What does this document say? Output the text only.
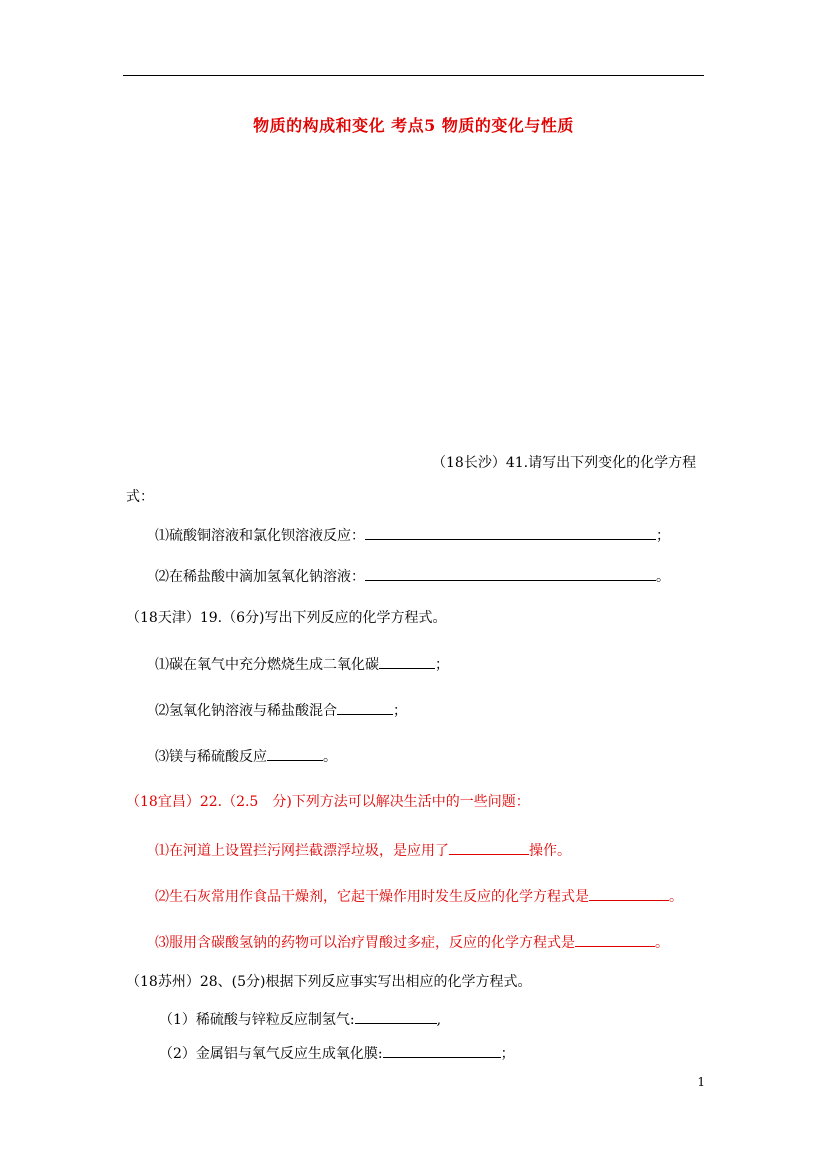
物质的构成和变化 考点5 物质的变化与性质
（18长沙）41.请写出下列变化的化学方程
式：
⑴硫酸铜溶液和氯化钡溶液反应：	；
⑵在稀盐酸中滴加氢氧化钠溶液：	。
（18天津）19.（6分)写出下列反应的化学方程式。
⑴碳在氧气中充分燃烧生成二氧化碳	；
⑵氢氧化钠溶液与稀盐酸混合	；
⑶镁与稀硫酸反应	。
（18宜昌）22.（2.5　分)下列方法可以解决生活中的一些问题：
⑴在河道上设置拦污网拦截漂浮垃圾，是应用了	操作。
⑵生石灰常用作食品干燥剂，它起干燥作用时发生反应的化学方程式是	。
⑶服用含碳酸氢钠的药物可以治疗胃酸过多症，反应的化学方程式是	。
（18苏州）28、(5分)根据下列反应事实写出相应的化学方程式。
（1）稀硫酸与锌粒反应制氢气:	,
（2）金属铝与氧气反应生成氧化膜:	；
1
